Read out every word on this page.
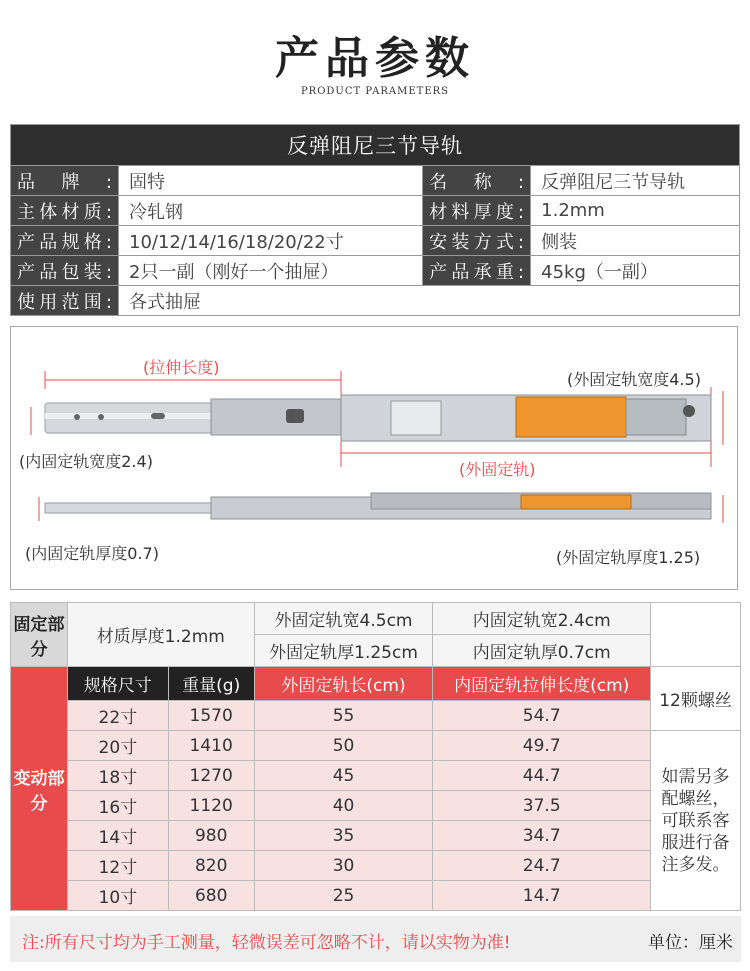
产品参数
PRODUCT PARAMETERS
反弹阻尼三节导轨			

品牌:	固特	名称:	反弹阻尼三节导轨

主体材质:	冷轧钢	材料厚度:	1.2mm

产品规格:	10/12/14/16/18/20/22寸	安装方式:	侧装

产品包装:	2只一副（刚好一个抽屉）	产品承重:	45kg（一副）

使用范围:	各式抽屉		
(拉伸长度)
(外固定轨宽度4.5)
(内固定轨宽度2.4)	(外固定轨)
(内固定轨厚度0.7)	(外固定轨厚度1.25)
固定部分	材质厚度1.2mm		外固定轨宽4.5cm	内固定轨宽2.4cm	
			外固定轨厚1.25cm	内固定轨厚0.7cm	
变动部分	规格尺寸	重量(g)	外固定轨长(cm)	内固定轨拉伸长度(cm)	12颗螺丝
	22寸	1570	55	54.7	
	20寸	1410	50	49.7	如需另多配螺丝，可联系客服进行备注多发。
	18寸	1270	45	44.7	
	16寸	1120	40	37.5	
	14寸	980	35	34.7	
	12寸	820	30	24.7	
	10寸	680	25	14.7	
注:所有尺寸均为手工测量，轻微误差可忽略不计，请以实物为准!	单位：厘米
